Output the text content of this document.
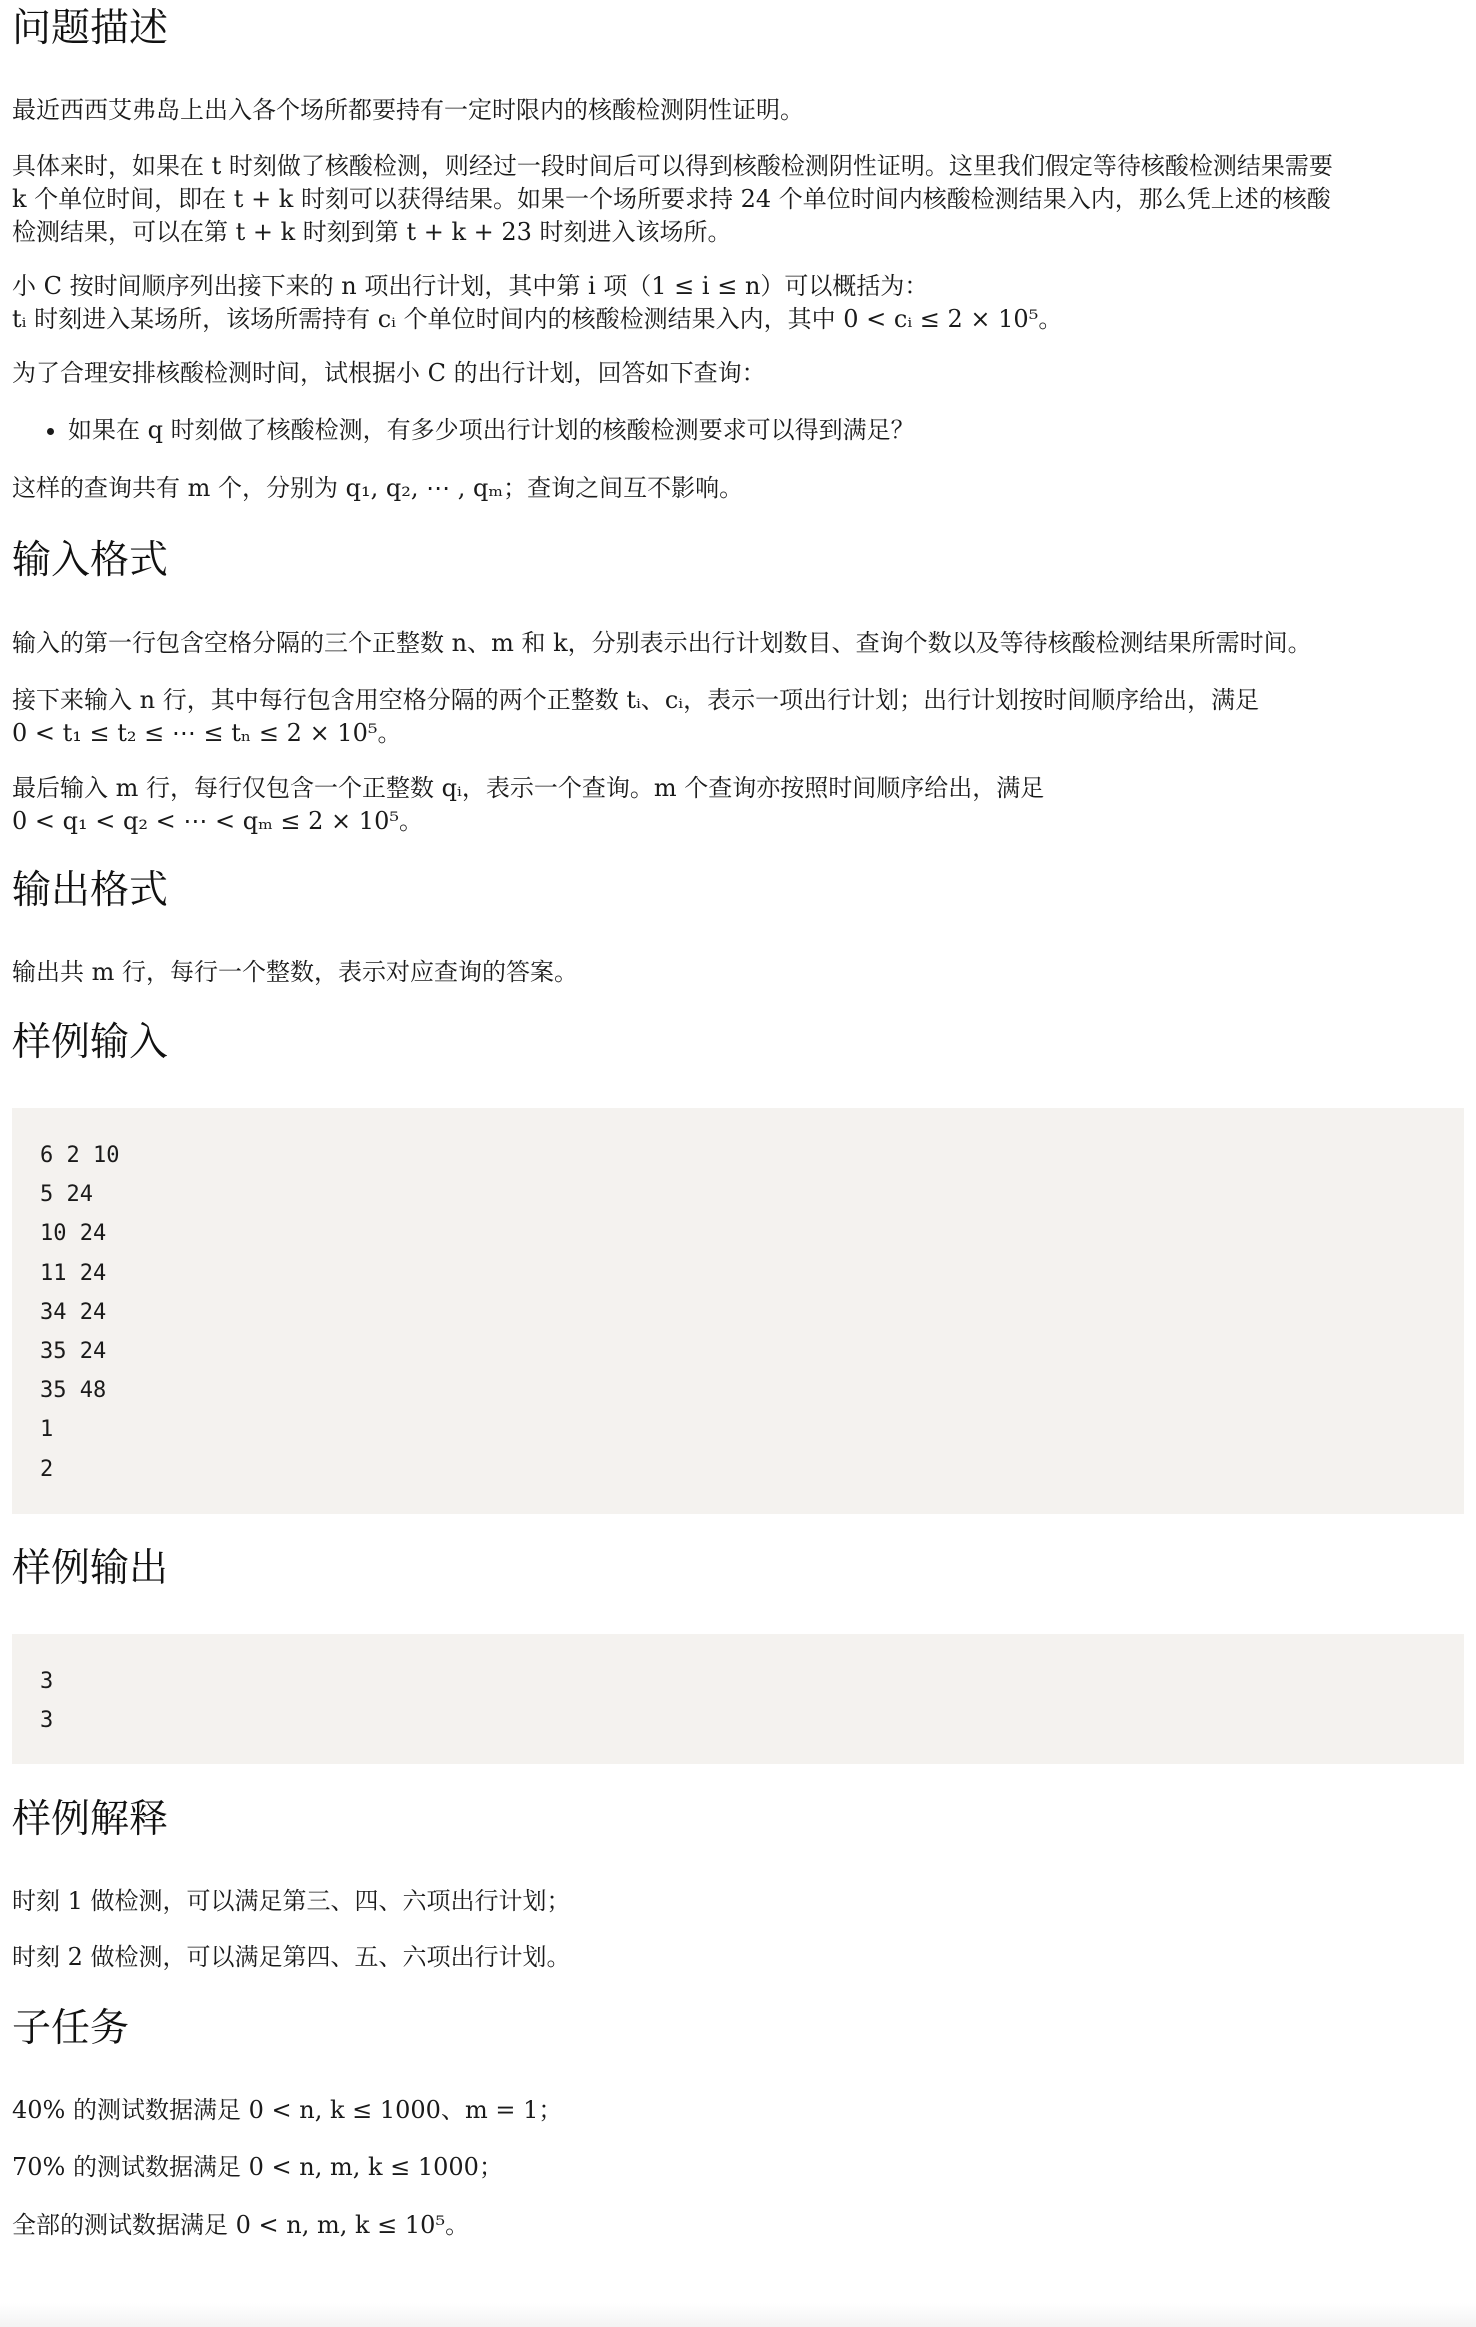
问题描述

最近西西艾弗岛上出入各个场所都要持有一定时限内的核酸检测阴性证明。

具体来时，如果在 t 时刻做了核酸检测，则经过一段时间后可以得到核酸检测阴性证明。这里我们假定等待核酸检测结果需要

k 个单位时间，即在 t + k 时刻可以获得结果。如果一个场所要求持 24 个单位时间内核酸检测结果入内，那么凭上述的核酸

检测结果，可以在第 t + k 时刻到第 t + k + 23 时刻进入该场所。

小 C 按时间顺序列出接下来的 n 项出行计划，其中第 i 项（1 ≤ i ≤ n）可以概括为：

tᵢ 时刻进入某场所，该场所需持有 cᵢ 个单位时间内的核酸检测结果入内，其中 0 < cᵢ ≤ 2 × 10⁵。

为了合理安排核酸检测时间，试根据小 C 的出行计划，回答如下查询：

• 如果在 q 时刻做了核酸检测，有多少项出行计划的核酸检测要求可以得到满足？

这样的查询共有 m 个，分别为 q₁, q₂, ⋯ , qₘ；查询之间互不影响。

输入格式

输入的第一行包含空格分隔的三个正整数 n、m 和 k，分别表示出行计划数目、查询个数以及等待核酸检测结果所需时间。

接下来输入 n 行，其中每行包含用空格分隔的两个正整数 tᵢ、cᵢ，表示一项出行计划；出行计划按时间顺序给出，满足

0 < t₁ ≤ t₂ ≤ ⋯ ≤ tₙ ≤ 2 × 10⁵。

最后输入 m 行，每行仅包含一个正整数 qᵢ，表示一个查询。m 个查询亦按照时间顺序给出，满足

0 < q₁ < q₂ < ⋯ < qₘ ≤ 2 × 10⁵。

输出格式

输出共 m 行，每行一个整数，表示对应查询的答案。

样例输入
6 2 10
5 24
10 24
11 24
34 24
35 24
35 48
1
2
样例输出
3
3
样例解释

时刻 1 做检测，可以满足第三、四、六项出行计划；

时刻 2 做检测，可以满足第四、五、六项出行计划。

子任务

40% 的测试数据满足 0 < n, k ≤ 1000、m = 1；

70% 的测试数据满足 0 < n, m, k ≤ 1000；

全部的测试数据满足 0 < n, m, k ≤ 10⁵。
